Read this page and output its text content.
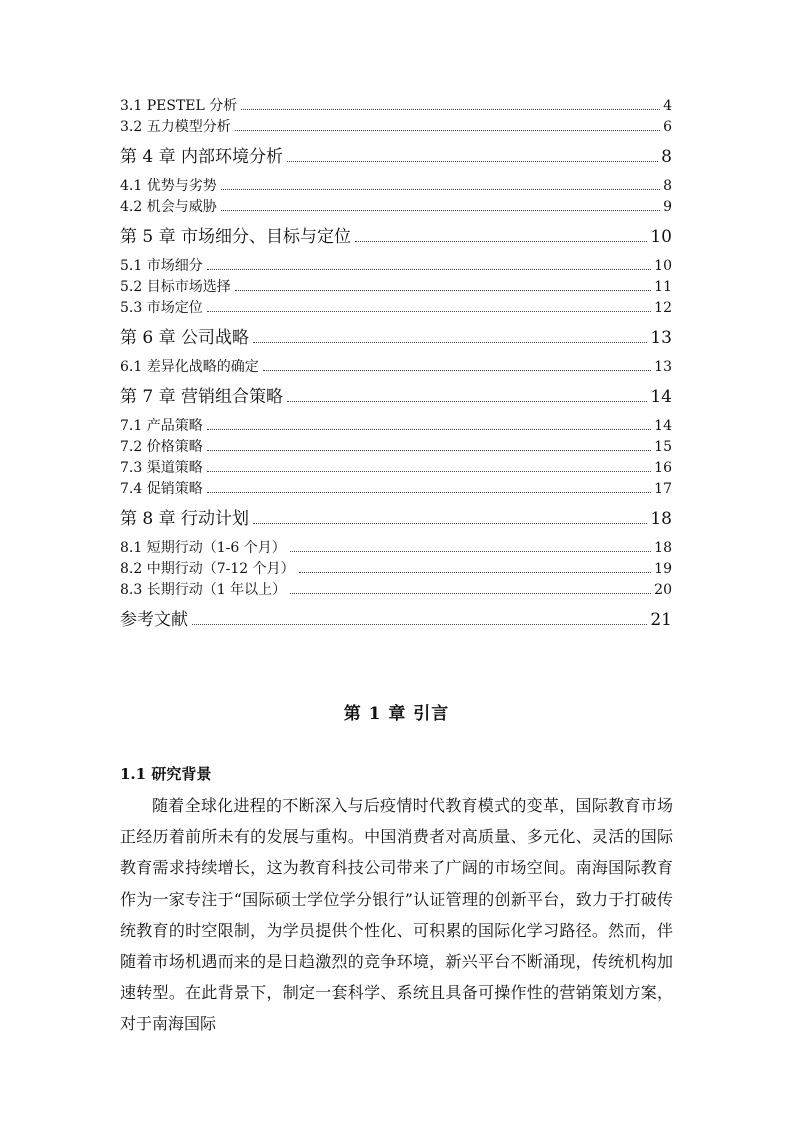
3.1 PESTEL 分析	4
3.2 五力模型分析	6
第 4 章 内部环境分析	8
4.1 优势与劣势	8
4.2 机会与威胁	9
第 5 章 市场细分、目标与定位	10
5.1 市场细分	10
5.2 目标市场选择	11
5.3 市场定位	12
第 6 章 公司战略	13
6.1 差异化战略的确定	13
第 7 章 营销组合策略	14
7.1 产品策略	14
7.2 价格策略	15
7.3 渠道策略	16
7.4 促销策略	17
第 8 章 行动计划	18
8.1 短期行动（1-6 个月）	18
8.2 中期行动（7-12 个月）	19
8.3 长期行动（1 年以上）	20
参考文献	21
第 1 章 引言
1.1 研究背景
随着全球化进程的不断深入与后疫情时代教育模式的变革，国际教育市场正经历着前所未有的发展与重构。中国消费者对高质量、多元化、灵活的国际教育需求持续增长，这为教育科技公司带来了广阔的市场空间。南海国际教育作为一家专注于“国际硕士学位学分银行”认证管理的创新平台，致力于打破传统教育的时空限制，为学员提供个性化、可积累的国际化学习路径。然而，伴随着市场机遇而来的是日趋激烈的竞争环境，新兴平台不断涌现，传统机构加速转型。在此背景下，制定一套科学、系统且具备可操作性的营销策划方案，对于南海国际
